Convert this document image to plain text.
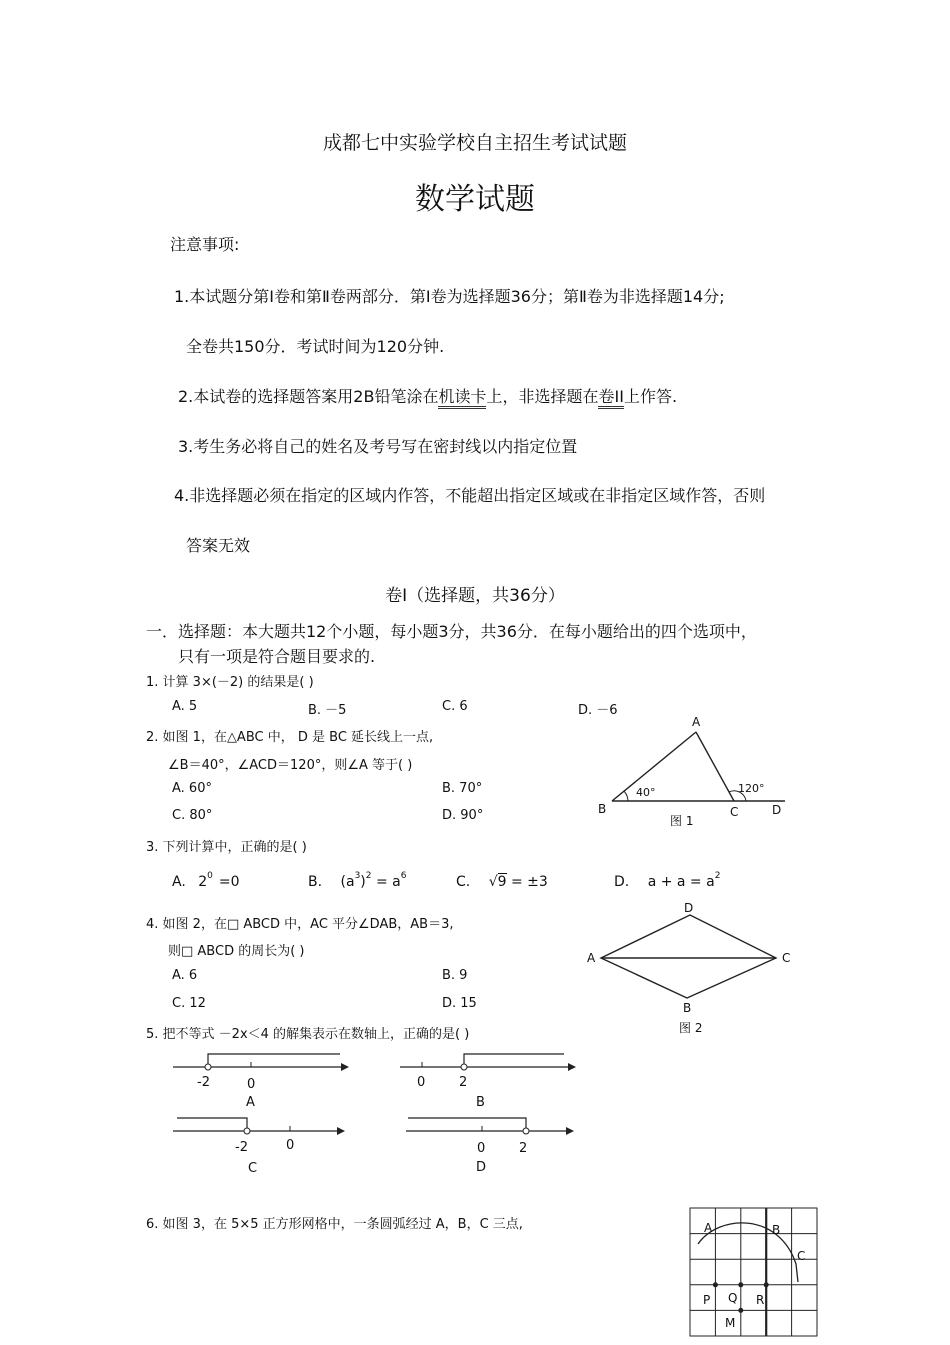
成都七中实验学校自主招生考试试题
数学试题
注意事项:
1.本试题分第Ⅰ卷和第Ⅱ卷两部分．第Ⅰ卷为选择题36分；第Ⅱ卷为非选择题14分;
全卷共150分．考试时间为120分钟.
2.本试卷的选择题答案用2B铅笔涂在机读卡上，非选择题在卷II上作答.
3.考生务必将自己的姓名及考号写在密封线以内指定位置
4.非选择题必须在指定的区域内作答，不能超出指定区域或在非指定区域作答，否则
答案无效
卷Ⅰ（选择题，共36分）
一．选择题：本大题共12个小题，每小题3分，共36分．在每小题给出的四个选项中，
只有一项是符合题目要求的.
1. 计算 3×(－2) 的结果是( )
A. 5	B. －5	C. 6	D. －6
2. 如图 1，在△ABC 中， D 是 BC 延长线上一点,
∠B＝40°，∠ACD＝120°，则∠A 等于( )
A. 60°	B. 70°
C. 80°	D. 90°
A
B	C	D
40°	120°
图 1
3. 下列计算中，正确的是( )
A. $2^0 =0$	B. $(a^3)^2 = a^6$	C. √9 = ±3	D. $a + a = a^2$
4. 如图 2，在□ ABCD 中，AC 平分∠DAB，AB＝3,
则□ ABCD 的周长为( )
A. 6	B. 9
C. 12	D. 15
D
A	C
B
图 2
5. 把不等式 －2x＜4 的解集表示在数轴上，正确的是( )
-2	0
A
0	2
B
-2	0
C
0	2
D
6. 如图 3，在 5×5 正方形网格中，一条圆弧经过 A，B，C 三点,	A	B
C
P Q R
M
